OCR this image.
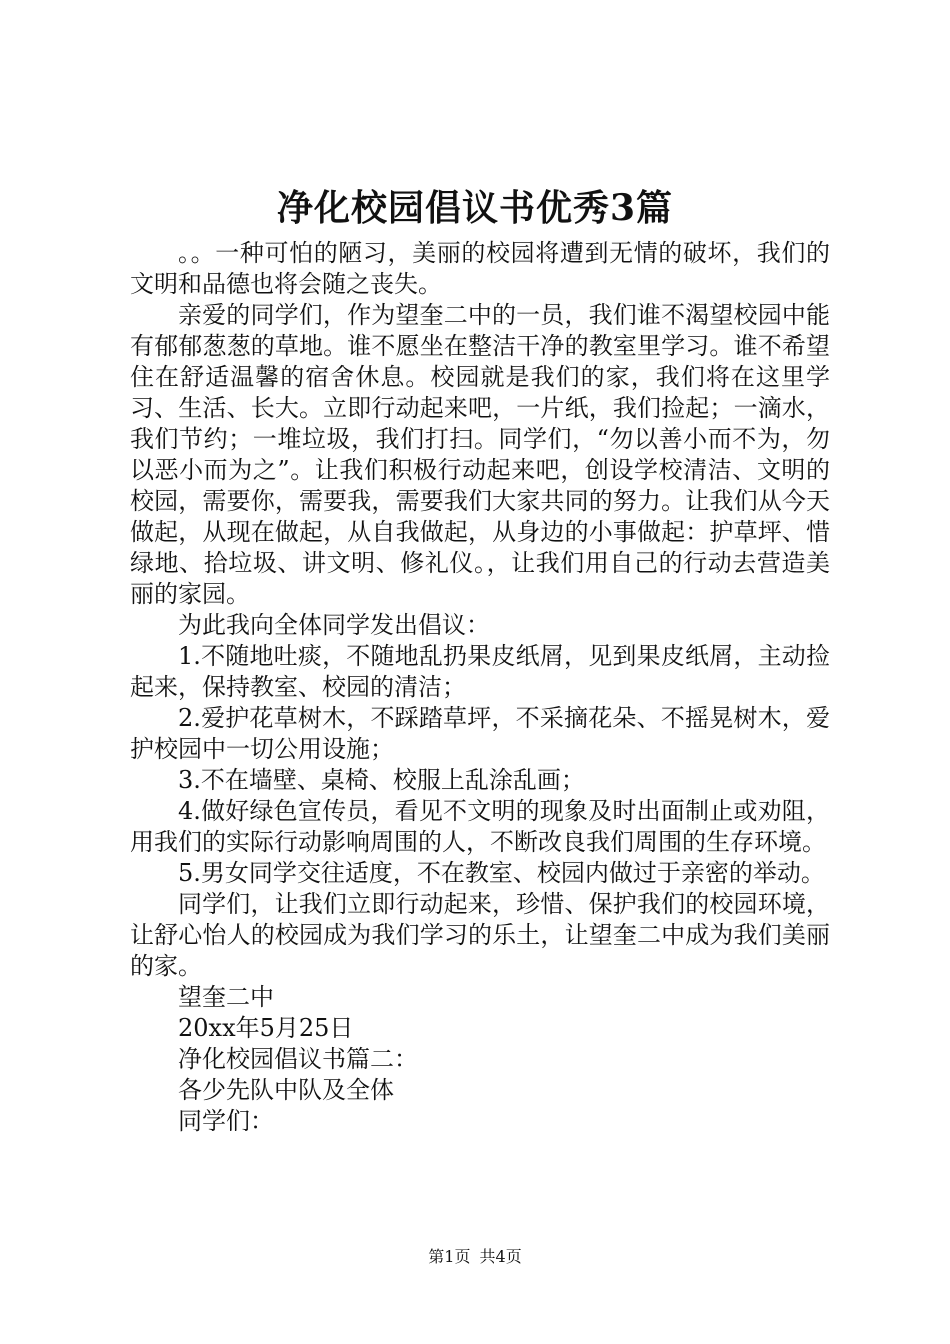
净化校园倡议书优秀3篇

。。一种可怕的陋习，美丽的校园将遭到无情的破坏，我们的文明和品德也将会随之丧失。

亲爱的同学们，作为望奎二中的一员，我们谁不渴望校园中能有郁郁葱葱的草地。谁不愿坐在整洁干净的教室里学习。谁不希望住在舒适温馨的宿舍休息。校园就是我们的家，我们将在这里学习、生活、长大。立即行动起来吧，一片纸，我们捡起；一滴水，我们节约；一堆垃圾，我们打扫。同学们，“勿以善小而不为，勿以恶小而为之”。让我们积极行动起来吧，创设学校清洁、文明的校园，需要你，需要我，需要我们大家共同的努力。让我们从今天做起，从现在做起，从自我做起，从身边的小事做起：护草坪、惜绿地、拾垃圾、讲文明、修礼仪。，让我们用自己的行动去营造美丽的家园。

为此我向全体同学发出倡议：

1.不随地吐痰，不随地乱扔果皮纸屑，见到果皮纸屑，主动捡起来，保持教室、校园的清洁；

2.爱护花草树木，不踩踏草坪，不采摘花朵、不摇晃树木，爱护校园中一切公用设施；

3.不在墙壁、桌椅、校服上乱涂乱画；

4.做好绿色宣传员，看见不文明的现象及时出面制止或劝阻，用我们的实际行动影响周围的人，不断改良我们周围的生存环境。

5.男女同学交往适度，不在教室、校园内做过于亲密的举动。

同学们，让我们立即行动起来，珍惜、保护我们的校园环境，让舒心怡人的校园成为我们学习的乐土，让望奎二中成为我们美丽的家。

望奎二中

20xx年5月25日

净化校园倡议书篇二：

各少先队中队及全体

同学们：

第1页 共4页
